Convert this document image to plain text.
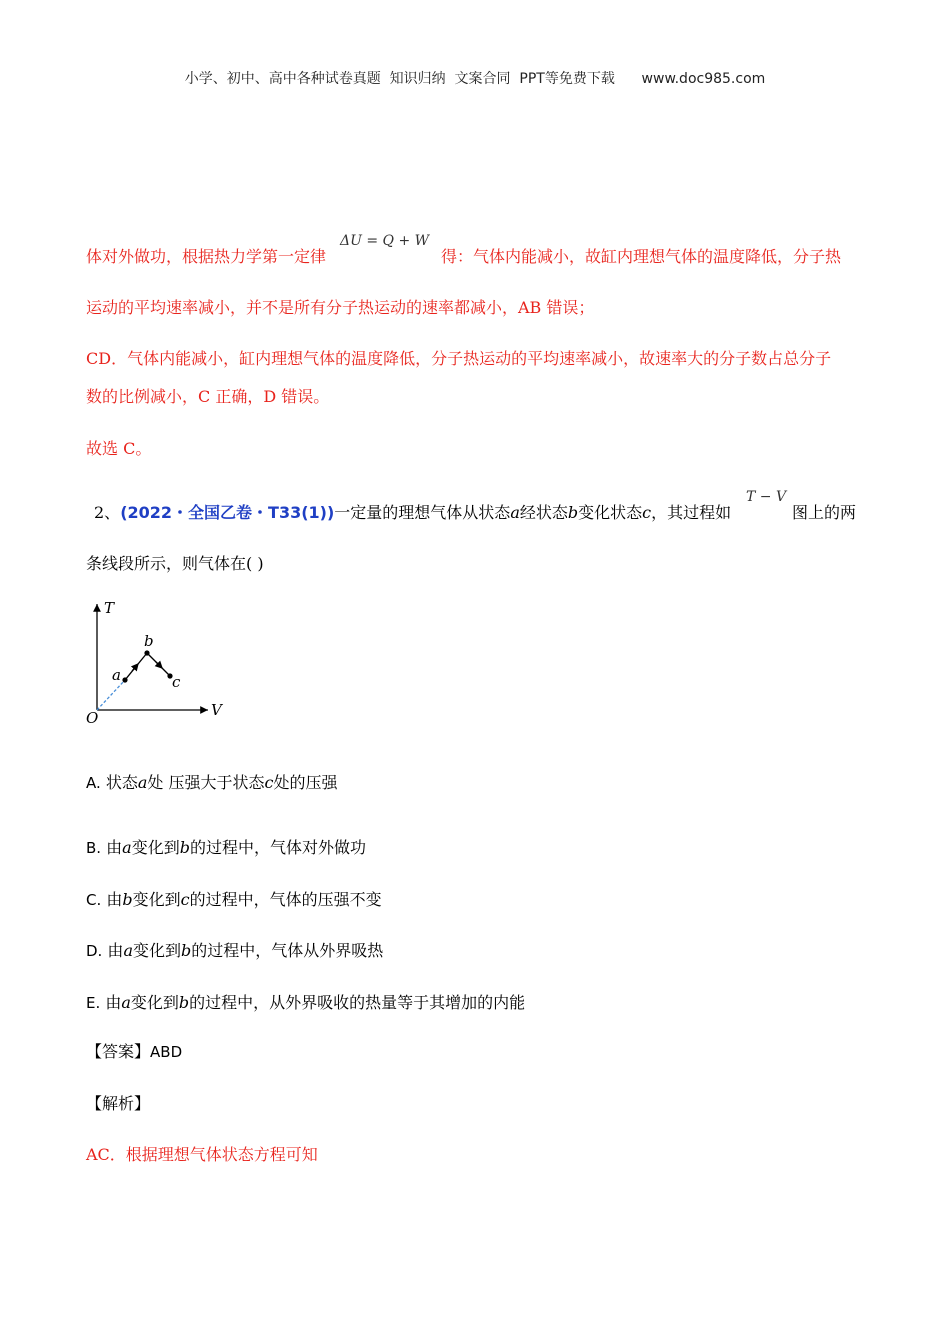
小学、初中、高中各种试卷真题  知识归纳  文案合同  PPT等免费下载      www.doc985.com
ΔU = Q + W
体对外做功，根据热力学第一定律	得：气体内能减小，故缸内理想气体的温度降低，分子热
运动的平均速率减小，并不是所有分子热运动的速率都减小，AB 错误；
CD．气体内能减小，缸内理想气体的温度降低，分子热运动的平均速率减小，故速率大的分子数占总分子
数的比例减小，C 正确，D 错误。
故选 C。
T − V
2、(2022・全国乙卷・T33(1))一定量的理想气体从状态a经状态b变化状态c，其过程如	图上的两
条线段所示，则气体在( )
T
V
O
a
b
c
A. 状态a处 压强大于状态c处的压强
B. 由a变化到b的过程中，气体对外做功
C. 由b变化到c的过程中，气体的压强不变
D. 由a变化到b的过程中，气体从外界吸热
E. 由a变化到b的过程中，从外界吸收的热量等于其增加的内能
【答案】ABD
【解析】
AC．根据理想气体状态方程可知
